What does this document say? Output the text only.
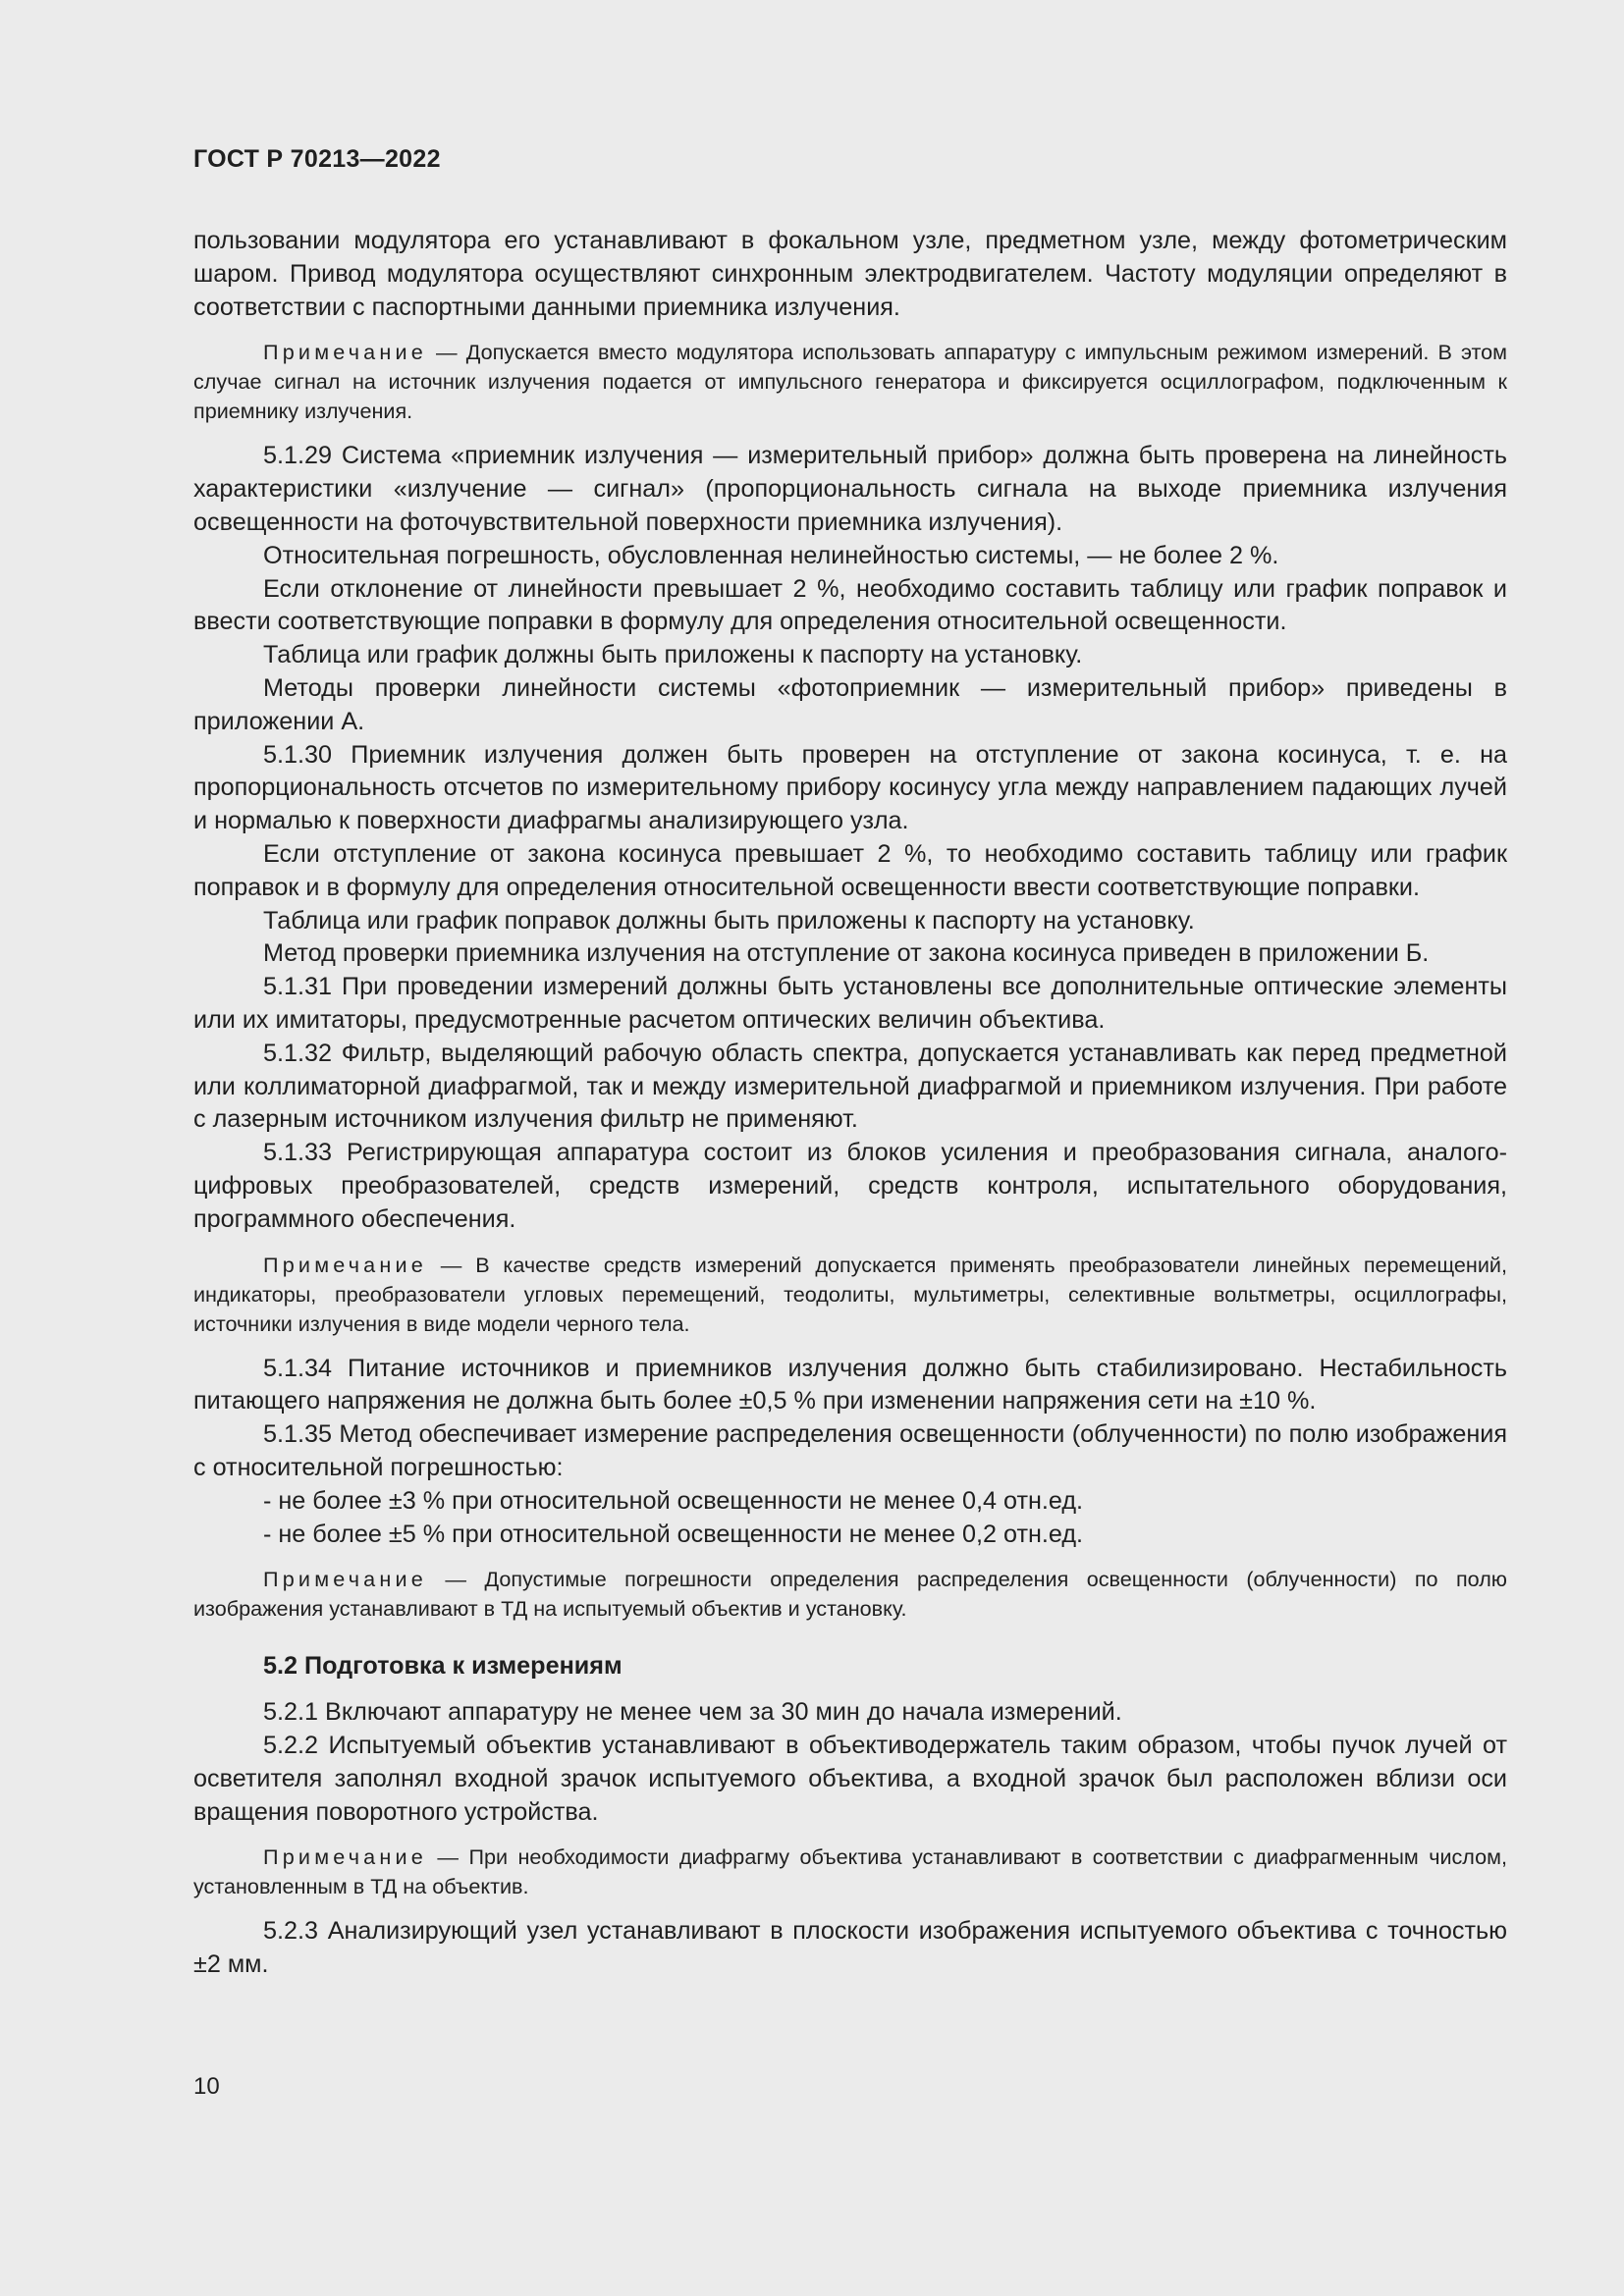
ГОСТ Р 70213—2022

пользовании модулятора его устанавливают в фокальном узле, предметном узле, между фотометрическим шаром. Привод модулятора осуществляют синхронным электродвигателем. Частоту модуляции определяют в соответствии с паспортными данными приемника излучения.

Примечание — Допускается вместо модулятора использовать аппаратуру с импульсным режимом измерений. В этом случае сигнал на источник излучения подается от импульсного генератора и фиксируется осциллографом, подключенным к приемнику излучения.

5.1.29 Система «приемник излучения — измерительный прибор» должна быть проверена на линейность характеристики «излучение — сигнал» (пропорциональность сигнала на выходе приемника излучения освещенности на фоточувствительной поверхности приемника излучения).

Относительная погрешность, обусловленная нелинейностью системы, — не более 2 %.

Если отклонение от линейности превышает 2 %, необходимо составить таблицу или график поправок и ввести соответствующие поправки в формулу для определения относительной освещенности.

Таблица или график должны быть приложены к паспорту на установку.

Методы проверки линейности системы «фотоприемник — измерительный прибор» приведены в приложении А.

5.1.30 Приемник излучения должен быть проверен на отступление от закона косинуса, т. е. на пропорциональность отсчетов по измерительному прибору косинусу угла между направлением падающих лучей и нормалью к поверхности диафрагмы анализирующего узла.

Если отступление от закона косинуса превышает 2 %, то необходимо составить таблицу или график поправок и в формулу для определения относительной освещенности ввести соответствующие поправки.

Таблица или график поправок должны быть приложены к паспорту на установку.

Метод проверки приемника излучения на отступление от закона косинуса приведен в приложении Б.

5.1.31 При проведении измерений должны быть установлены все дополнительные оптические элементы или их имитаторы, предусмотренные расчетом оптических величин объектива.

5.1.32 Фильтр, выделяющий рабочую область спектра, допускается устанавливать как перед предметной или коллиматорной диафрагмой, так и между измерительной диафрагмой и приемником излучения. При работе с лазерным источником излучения фильтр не применяют.

5.1.33 Регистрирующая аппаратура состоит из блоков усиления и преобразования сигнала, аналого-цифровых преобразователей, средств измерений, средств контроля, испытательного оборудования, программного обеспечения.

Примечание — В качестве средств измерений допускается применять преобразователи линейных перемещений, индикаторы, преобразователи угловых перемещений, теодолиты, мультиметры, селективные вольтметры, осциллографы, источники излучения в виде модели черного тела.

5.1.34 Питание источников и приемников излучения должно быть стабилизировано. Нестабильность питающего напряжения не должна быть более ±0,5 % при изменении напряжения сети на ±10 %.

5.1.35 Метод обеспечивает измерение распределения освещенности (облученности) по полю изображения с относительной погрешностью:

- не более ±3 % при относительной освещенности не менее 0,4 отн.ед.

- не более ±5 % при относительной освещенности не менее 0,2 отн.ед.

Примечание — Допустимые погрешности определения распределения освещенности (облученности) по полю изображения устанавливают в ТД на испытуемый объектив и установку.

5.2 Подготовка к измерениям

5.2.1 Включают аппаратуру не менее чем за 30 мин до начала измерений.

5.2.2 Испытуемый объектив устанавливают в объективодержатель таким образом, чтобы пучок лучей от осветителя заполнял входной зрачок испытуемого объектива, а входной зрачок был расположен вблизи оси вращения поворотного устройства.

Примечание — При необходимости диафрагму объектива устанавливают в соответствии с диафрагменным числом, установленным в ТД на объектив.

5.2.3 Анализирующий узел устанавливают в плоскости изображения испытуемого объектива с точностью ±2 мм.

10
